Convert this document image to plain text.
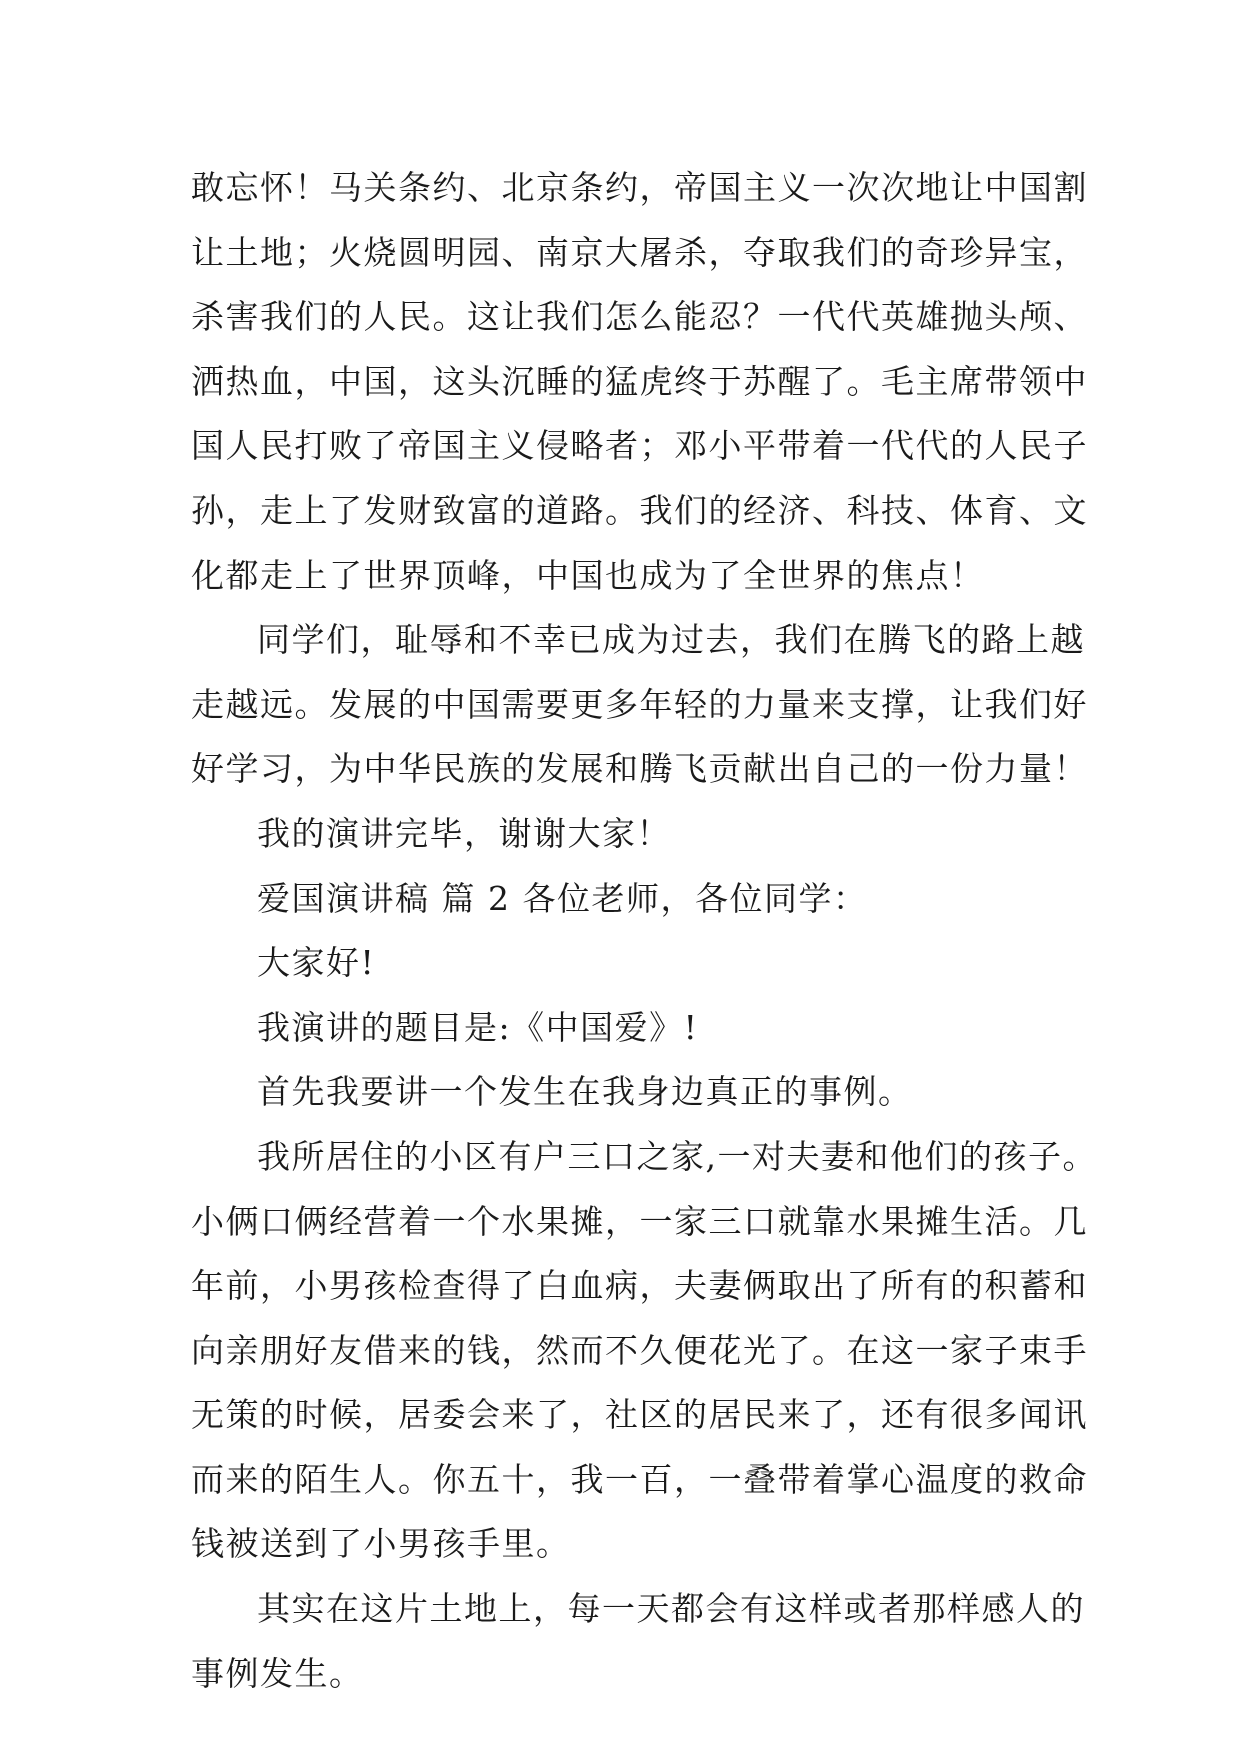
敢忘怀！马关条约、北京条约，帝国主义一次次地让中国割
让土地；火烧圆明园、南京大屠杀，夺取我们的奇珍异宝，
杀害我们的人民。这让我们怎么能忍？一代代英雄抛头颅、
洒热血，中国，这头沉睡的猛虎终于苏醒了。毛主席带领中
国人民打败了帝国主义侵略者；邓小平带着一代代的人民子
孙，走上了发财致富的道路。我们的经济、科技、体育、文
化都走上了世界顶峰，中国也成为了全世界的焦点！
同学们，耻辱和不幸已成为过去，我们在腾飞的路上越
走越远。发展的中国需要更多年轻的力量来支撑，让我们好
好学习，为中华民族的发展和腾飞贡献出自己的一份力量！
我的演讲完毕，谢谢大家！
爱国演讲稿 篇 2 各位老师，各位同学：
大家好!
我演讲的题目是:《中国爱》!
首先我要讲一个发生在我身边真正的事例。
我所居住的小区有户三口之家,一对夫妻和他们的孩子。
小俩口俩经营着一个水果摊，一家三口就靠水果摊生活。几
年前，小男孩检查得了白血病，夫妻俩取出了所有的积蓄和
向亲朋好友借来的钱，然而不久便花光了。在这一家子束手
无策的时候，居委会来了，社区的居民来了，还有很多闻讯
而来的陌生人。你五十，我一百，一叠带着掌心温度的救命
钱被送到了小男孩手里。
其实在这片土地上，每一天都会有这样或者那样感人的
事例发生。
